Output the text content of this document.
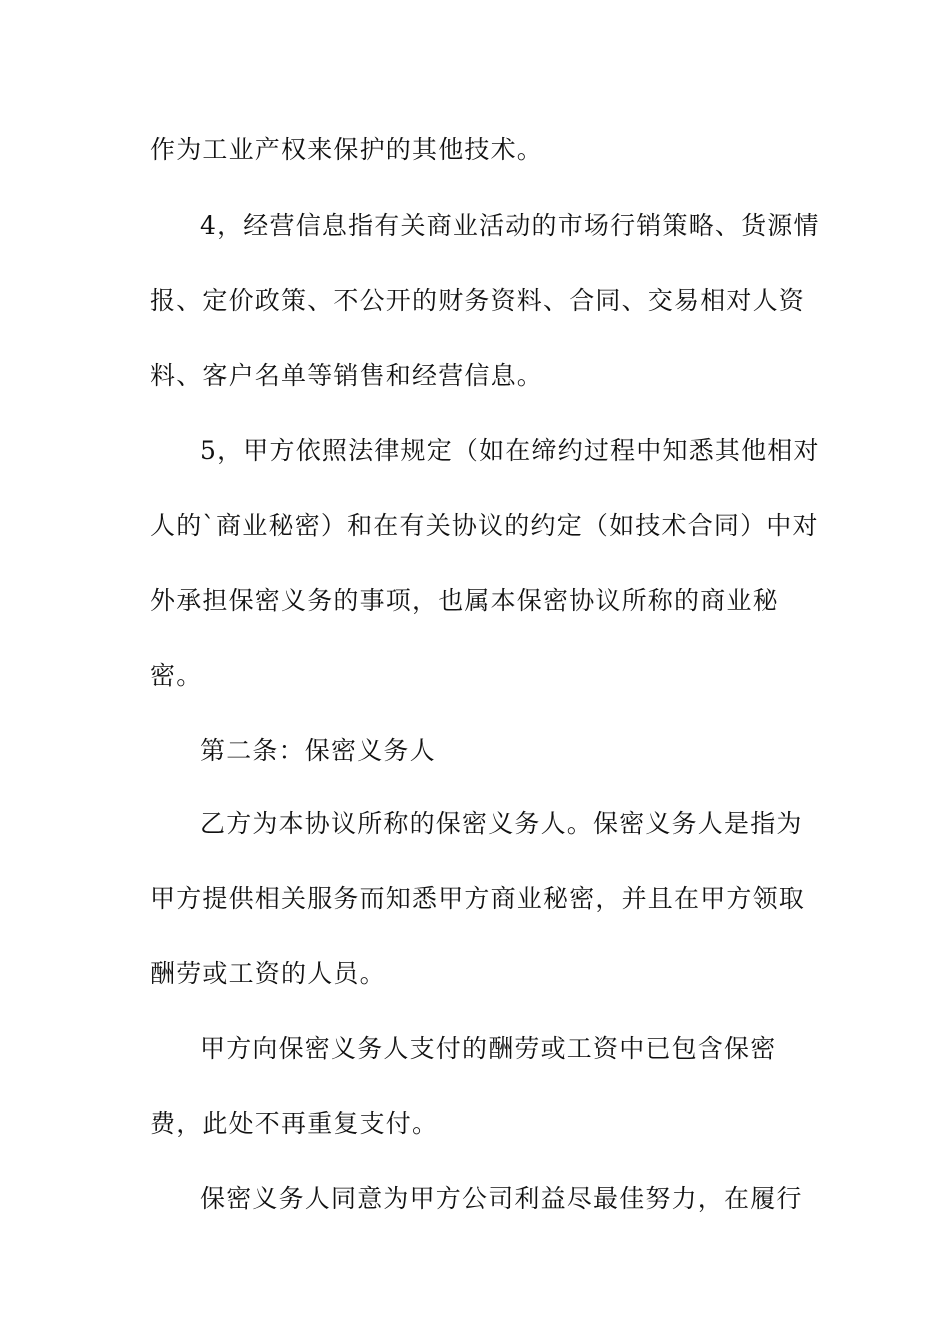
作为工业产权来保护的其他技术。
4，经营信息指有关商业活动的市场行销策略、货源情
报、定价政策、不公开的财务资料、合同、交易相对人资
料、客户名单等销售和经营信息。
5，甲方依照法律规定（如在缔约过程中知悉其他相对
人的`商业秘密）和在有关协议的约定（如技术合同）中对
外承担保密义务的事项，也属本保密协议所称的商业秘
密。
第二条：保密义务人
乙方为本协议所称的保密义务人。保密义务人是指为
甲方提供相关服务而知悉甲方商业秘密，并且在甲方领取
酬劳或工资的人员。
甲方向保密义务人支付的酬劳或工资中已包含保密
费，此处不再重复支付。
保密义务人同意为甲方公司利益尽最佳努力，在履行
